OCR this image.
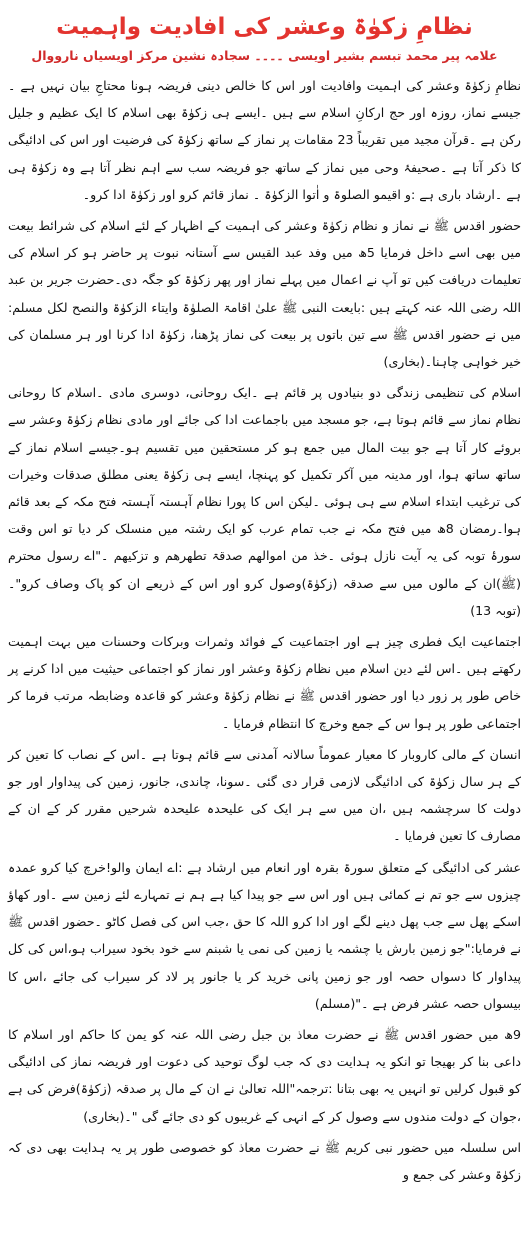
نظامِ زکوٰۃ وعشر کی افادیت واہمیت
علامہ پیر محمد تبسم بشیر اویسی ۔۔۔۔ سجادہ نشین مرکز اویسیاں نارووال

نظامِ زکوٰۃ وعشر کی اہمیت وافادیت اور اس کا خالص دینی فریضہ ہونا محتاجِ بیان نہیں ہے ۔ جیسے نماز، روزہ اور حج ارکانِ اسلام سے ہیں ۔ایسے ہی زکوٰۃ بھی اسلام کا ایک عظیم و جلیل رکن ہے ۔قرآن مجید میں تقریباً 23 مقامات پر نماز کے ساتھ زکوٰۃ کی فرضیت اور اس کی ادائیگی کا ذکر آتا ہے ۔صحیفۂ وحی میں نماز کے ساتھ جو فریضہ سب سے اہم نظر آتا ہے وہ زکوٰۃ ہی ہے ۔ارشاد باری ہے :و اقیمو الصلوۃ و اٰتوا الزکوٰۃ ۔ نماز قائم کرو اور زکوٰۃ ادا کرو۔

حضور اقدس ﷺ نے نماز و نظام زکوٰۃ وعشر کی اہمیت کے اظہار کے لئے اسلام کی شرائط بیعت میں بھی اسے داخل فرمایا 5ھ میں وفد عبد القیس سے آستانہ نبوت پر حاضر ہو کر اسلام کی تعلیمات دریافت کیں تو آپ نے اعمال میں پہلے نماز اور پھر زکوٰۃ کو جگہ دی۔حضرت جریر بن عبد اللہ رضی اللہ عنہ کہتے ہیں :بایعت النبی ﷺ علیٰ اقامۃ الصلوٰۃ وایتاء الزکوٰۃ والنصح لکل مسلم: میں نے حضور اقدس ﷺ سے تین باتوں پر بیعت کی نماز پڑھنا، زکوٰۃ ادا کرنا اور ہر مسلمان کی خیر خواہی چاہنا۔(بخاری)

اسلام کی تنظیمی زندگی دو بنیادوں پر قائم ہے ۔ایک روحانی، دوسری مادی ۔اسلام کا روحانی نظام نماز سے قائم ہوتا ہے، جو مسجد میں باجماعت ادا کی جائے اور مادی نظام زکوٰۃ وعشر سے بروئے کار آتا ہے جو بیت المال میں جمع ہو کر مستحقین میں تقسیم ہو۔جیسے اسلام نماز کے ساتھ ساتھ ہوا، اور مدینہ میں آکر تکمیل کو پہنچا، ایسے ہی زکوٰۃ یعنی مطلق صدقات وخیرات کی ترغیب ابتداء اسلام سے ہی ہوئی ۔لیکن اس کا پورا نظام آہستہ آہستہ فتح مکہ کے بعد قائم ہوا۔رمضان 8ھ میں فتح مکہ نے جب تمام عرب کو ایک رشتہ میں منسلک کر دیا تو اس وقت سورۂ توبہ کی یہ آیت نازل ہوئی ۔خذ من اموالھم صدقۃ تطھرھم و تزکیھم ۔"اے رسول محترم (ﷺ)ان کے مالوں میں سے صدقہ (زکوٰۃ)وصول کرو اور اس کے ذریعے ان کو پاک وصاف کرو"۔(توبہ 13)

اجتماعیت ایک فطری چیز ہے اور اجتماعیت کے فوائد وثمرات وبرکات وحسنات میں بہت اہمیت رکھتے ہیں ۔اس لئے دین اسلام میں نظام زکوٰۃ وعشر اور نماز کو اجتماعی حیثیت میں ادا کرنے پر خاص طور پر زور دیا اور حضور اقدس ﷺ نے نظام زکوٰۃ وعشر کو قاعدہ وضابطہ مرتب فرما کر اجتماعی طور پر ہوا س کے جمع وخرچ کا انتظام فرمایا ۔

انسان کے مالی کاروبار کا معیار عموماً سالانہ آمدنی سے قائم ہوتا ہے ۔اس کے نصاب کا تعین کر کے ہر سال زکوٰۃ کی ادائیگی لازمی قرار دی گئی ۔سونا، چاندی، جانور، زمین کی پیداوار اور جو دولت کا سرچشمہ ہیں ،ان میں سے ہر ایک کی علیحدہ علیحدہ شرحیں مقرر کر کے ان کے مصارف کا تعین فرمایا ۔

عشر کی ادائیگی کے متعلق سورۃ بقرہ اور انعام میں ارشاد ہے :اے ایمان والو!خرچ کیا کرو عمدہ چیزوں سے جو تم نے کمائی ہیں اور اس سے جو پیدا کیا ہے ہم نے تمہارے لئے زمین سے ۔اور کھاؤ اسکے پھل سے جب پھل دینے لگے اور ادا کرو اللہ کا حق ،جب اس کی فصل کاٹو ۔حضور اقدس ﷺ نے فرمایا:"جو زمین بارش یا چشمہ یا زمین کی نمی یا شبنم سے خود بخود سیراب ہو،اس کی کل پیداوار کا دسواں حصہ اور جو زمین پانی خرید کر یا جانور پر لاد کر سیراب کی جائے ،اس کا بیسواں حصہ عشر فرض ہے ۔"(مسلم)

9ھ میں حضور اقدس ﷺ نے حضرت معاذ بن جبل رضی اللہ عنہ کو یمن کا حاکم اور اسلام کا داعی بنا کر بھیجا تو انکو یہ ہدایت دی کہ جب لوگ توحید کی دعوت اور فریضہ نماز کی ادائیگی کو قبول کرلیں تو انہیں یہ بھی بتانا :ترجمہ"اللہ تعالیٰ نے ان کے مال پر صدقہ (زکوٰۃ)فرض کی ہے ،جوان کے دولت مندوں سے وصول کر کے انہی کے غریبوں کو دی جائے گی "۔(بخاری)

اس سلسلہ میں حضور نبی کریم ﷺ نے حضرت معاذ کو خصوصی طور پر یہ ہدایت بھی دی کہ زکوٰۃ وعشر کی جمع و
